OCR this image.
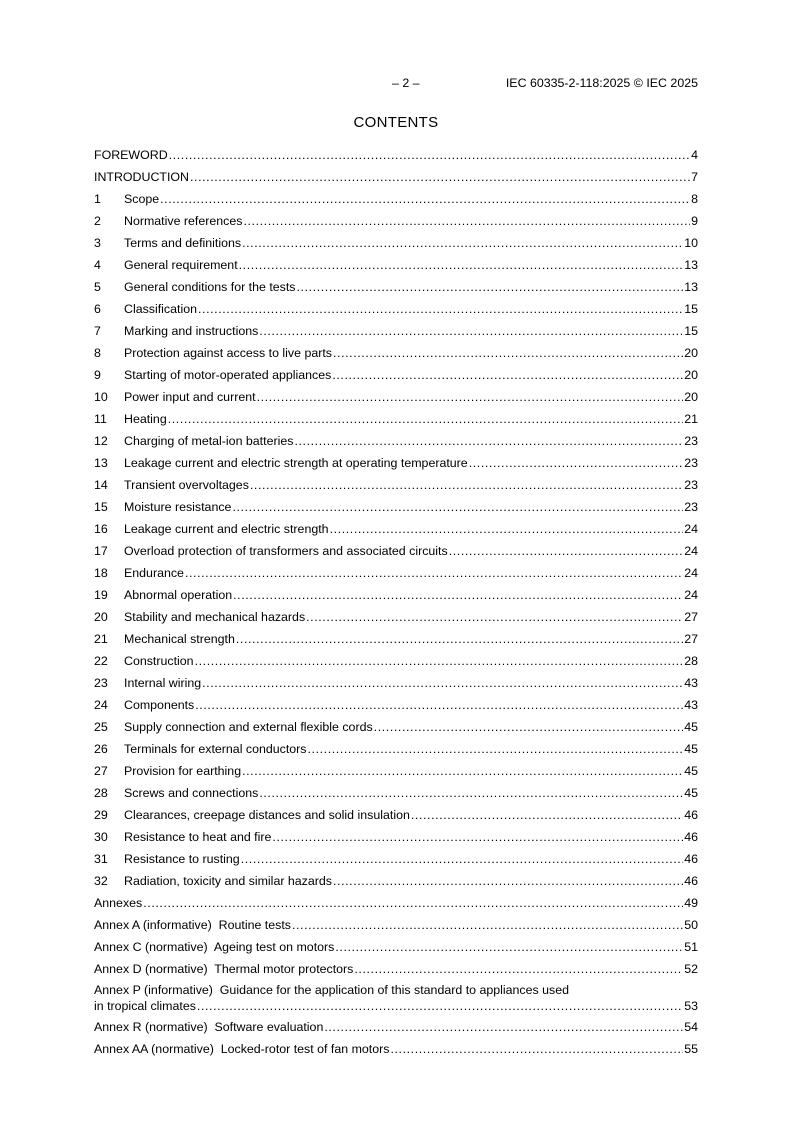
– 2 –	IEC 60335-2-118:2025 © IEC 2025
CONTENTS
FOREWORD .....	4
INTRODUCTION .....	7
1	Scope .....	8
2	Normative references .....	9
3	Terms and definitions .....	10
4	General requirement .....	13
5	General conditions for the tests .....	13
6	Classification .....	15
7	Marking and instructions .....	15
8	Protection against access to live parts .....	20
9	Starting of motor-operated appliances .....	20
10	Power input and current .....	20
11	Heating .....	21
12	Charging of metal-ion batteries .....	23
13	Leakage current and electric strength at operating temperature .....	23
14	Transient overvoltages .....	23
15	Moisture resistance .....	23
16	Leakage current and electric strength .....	24
17	Overload protection of transformers and associated circuits .....	24
18	Endurance .....	24
19	Abnormal operation .....	24
20	Stability and mechanical hazards .....	27
21	Mechanical strength .....	27
22	Construction .....	28
23	Internal wiring .....	43
24	Components .....	43
25	Supply connection and external flexible cords .....	45
26	Terminals for external conductors .....	45
27	Provision for earthing .....	45
28	Screws and connections .....	45
29	Clearances, creepage distances and solid insulation .....	46
30	Resistance to heat and fire .....	46
31	Resistance to rusting .....	46
32	Radiation, toxicity and similar hazards .....	46
Annexes .....	49
Annex A (informative)  Routine tests .....	50
Annex C (normative)  Ageing test on motors .....	51
Annex D (normative)  Thermal motor protectors .....	52
Annex P (informative)  Guidance for the application of this standard to appliances used
in tropical climates .....	53
Annex R (normative)  Software evaluation .....	54
Annex AA (normative)  Locked-rotor test of fan motors .....	55
